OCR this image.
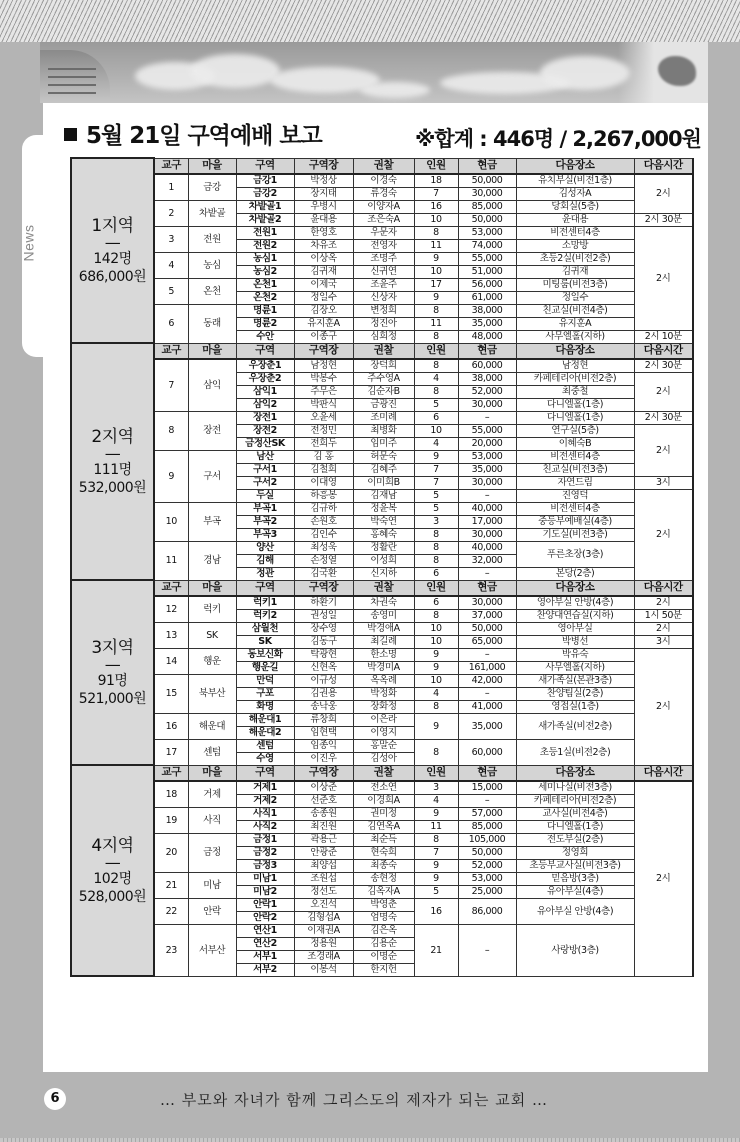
News
5월 21일 구역예배 보고	※합계 : 446명 / 2,267,000원
1지역
—
142명
686,000원	교구	마을	구역	구역장	권찰	인원	현금	다음장소	다음시간
	1	금강	금강1	박정상	이경숙	18	50,000	유치부실(비전1층)	2시
			금강2	장지태	류경숙	7	30,000	김성자A	
	2	차밭골	차밭골1	우병시	이양자A	16	85,000	당회실(5층)	
			차밭골2	윤대용	조은숙A	10	50,000	윤대용	2시 30분
	3	전원	전원1	한영호	우문자	8	53,000	비전센터4층	2시
			전원2	차유조	전영자	11	74,000	소망방	
	4	농심	농심1	이상옥	조명주	9	55,000	초등2실(비전2층)	
			농심2	김귀재	신귀연	10	51,000	김귀재	
	5	온천	온천1	이제국	조윤주	17	56,000	미팅룸(비전3층)	
			온천2	정일수	신상자	9	61,000	정일수	
	6	동래	명륜1	김장오	변정희	8	38,000	친교실(비전4층)	
			명륜2	유지훈A	정진아	11	35,000	유지훈A	
			수안	이종구	심희정	8	48,000	사무엘홀(지하)	2시 10분

2지역
—
111명
532,000원	교구	마을	구역	구역장	권찰	인원	현금	다음장소	다음시간
	7	삼익	우장춘1	남정현	장덕희	8	60,000	남정현	2시 30분
			우장춘2	박봉수	주수영A	4	38,000	카페테리아(비전2층)	2시
			삼익1	주무은	김순자B	8	52,000	최중철	
			삼익2	박판식	금광진	5	30,000	다니엘홀(1층)	
	8	장전	장전1	오윤세	조미례	6	–	다니엘홀(1층)	2시 30분
			장전2	전정민	최병화	10	55,000	연구실(5층)	2시
			금정산SK	전희두	임미주	4	20,000	이혜숙B	
	9	구서	남산	김 홍	허문숙	9	53,000	비전센터4층	
			구서1	김철희	김혜주	7	35,000	친교실(비전3층)	
			구서2	이대영	이미희B	7	30,000	자연드림	3시
			두실	하흥봉	김재남	5	–	진영덕	2시
	10	부곡	부곡1	김규하	정윤복	5	40,000	비전센터4층	
			부곡2	손원호	박숙연	3	17,000	중등부예배실(4층)	
			부곡3	김인수	홍혜숙	8	30,000	기도실(비전3층)	
	11	경남	양산	최성욱	정활란	8	40,000	푸른초장(3층)	
			김해	손정열	이성희	8	32,000		
			정관	김국환	신지하	6	–	본당(2층)	

3지역
—
91명
521,000원	교구	마을	구역	구역장	권찰	인원	현금	다음장소	다음시간
	12	럭키	럭키1	하환기	차권숙	6	30,000	영아부실 안방(4층)	2시
			럭키2	권성일	송영미	8	37,000	찬양대연습실(지하)	1시 50분
	13	SK	삼월천	장수영	박경애A	10	50,000	영아부실	2시
			SK	김동구	최길례	10	65,000	박병선	3시
	14	행운	동보신화	탁광현	한소명	9	–	박유숙	2시
			행운길	신현옥	박경미A	9	161,000	사무엘홀(지하)	
	15	북부산	만덕	이규성	옥옥례	10	42,000	새가족실(본관3층)	
			구포	김권용	박정화	4	–	찬양팀실(2층)	
			화명	송낙웅	장화정	8	41,000	영접실(1층)	
	16	해운대	해운대1	류창희	이은라	9	35,000	새가족실(비전2층)	
			해운대2	임현택	이영지				
	17	센텀	센텀	임종익	홍말순	8	60,000	초등1실(비전2층)	
			수영	이진우	김성아				

4지역
—
102명
528,000원	교구	마을	구역	구역장	권찰	인원	현금	다음장소	다음시간
	18	거제	거제1	이상준	전소연	3	15,000	세미나실(비전3층)	2시
			거제2	선준호	이경희A	4	–	카페테리아(비전2층)	
	19	사직	사직1	송종원	권미정	9	57,000	교사실(비전4층)	
			사직2	최진원	김연옥A	11	85,000	다니엘홀(1층)	
	20	금정	금정1	곽용근	최순득	8	105,000	전도부실(2층)	
			금정2	안광준	현숙희	7	50,000	정영희	
			금정3	최양섭	최종숙	9	52,000	초등부교사실(비전3층)	
	21	미남	미남1	조원섭	송현정	9	53,000	믿음방(3층)	
			미남2	정선도	김옥자A	5	25,000	유아부실(4층)	
	22	안락	안락1	오진석	박영춘	16	86,000	유아부실 안방(4층)	
			안락2	김형섭A	엄명숙				
	23	서부산	연산1	이재권A	김은옥	21	–	사랑방(3층)	
			연산2	정용원	김용순				
			서부1	조경래A	이명순				
			서부2	이봉석	한지헌				
6	… 부모와 자녀가 함께 그리스도의 제자가 되는 교회 …
